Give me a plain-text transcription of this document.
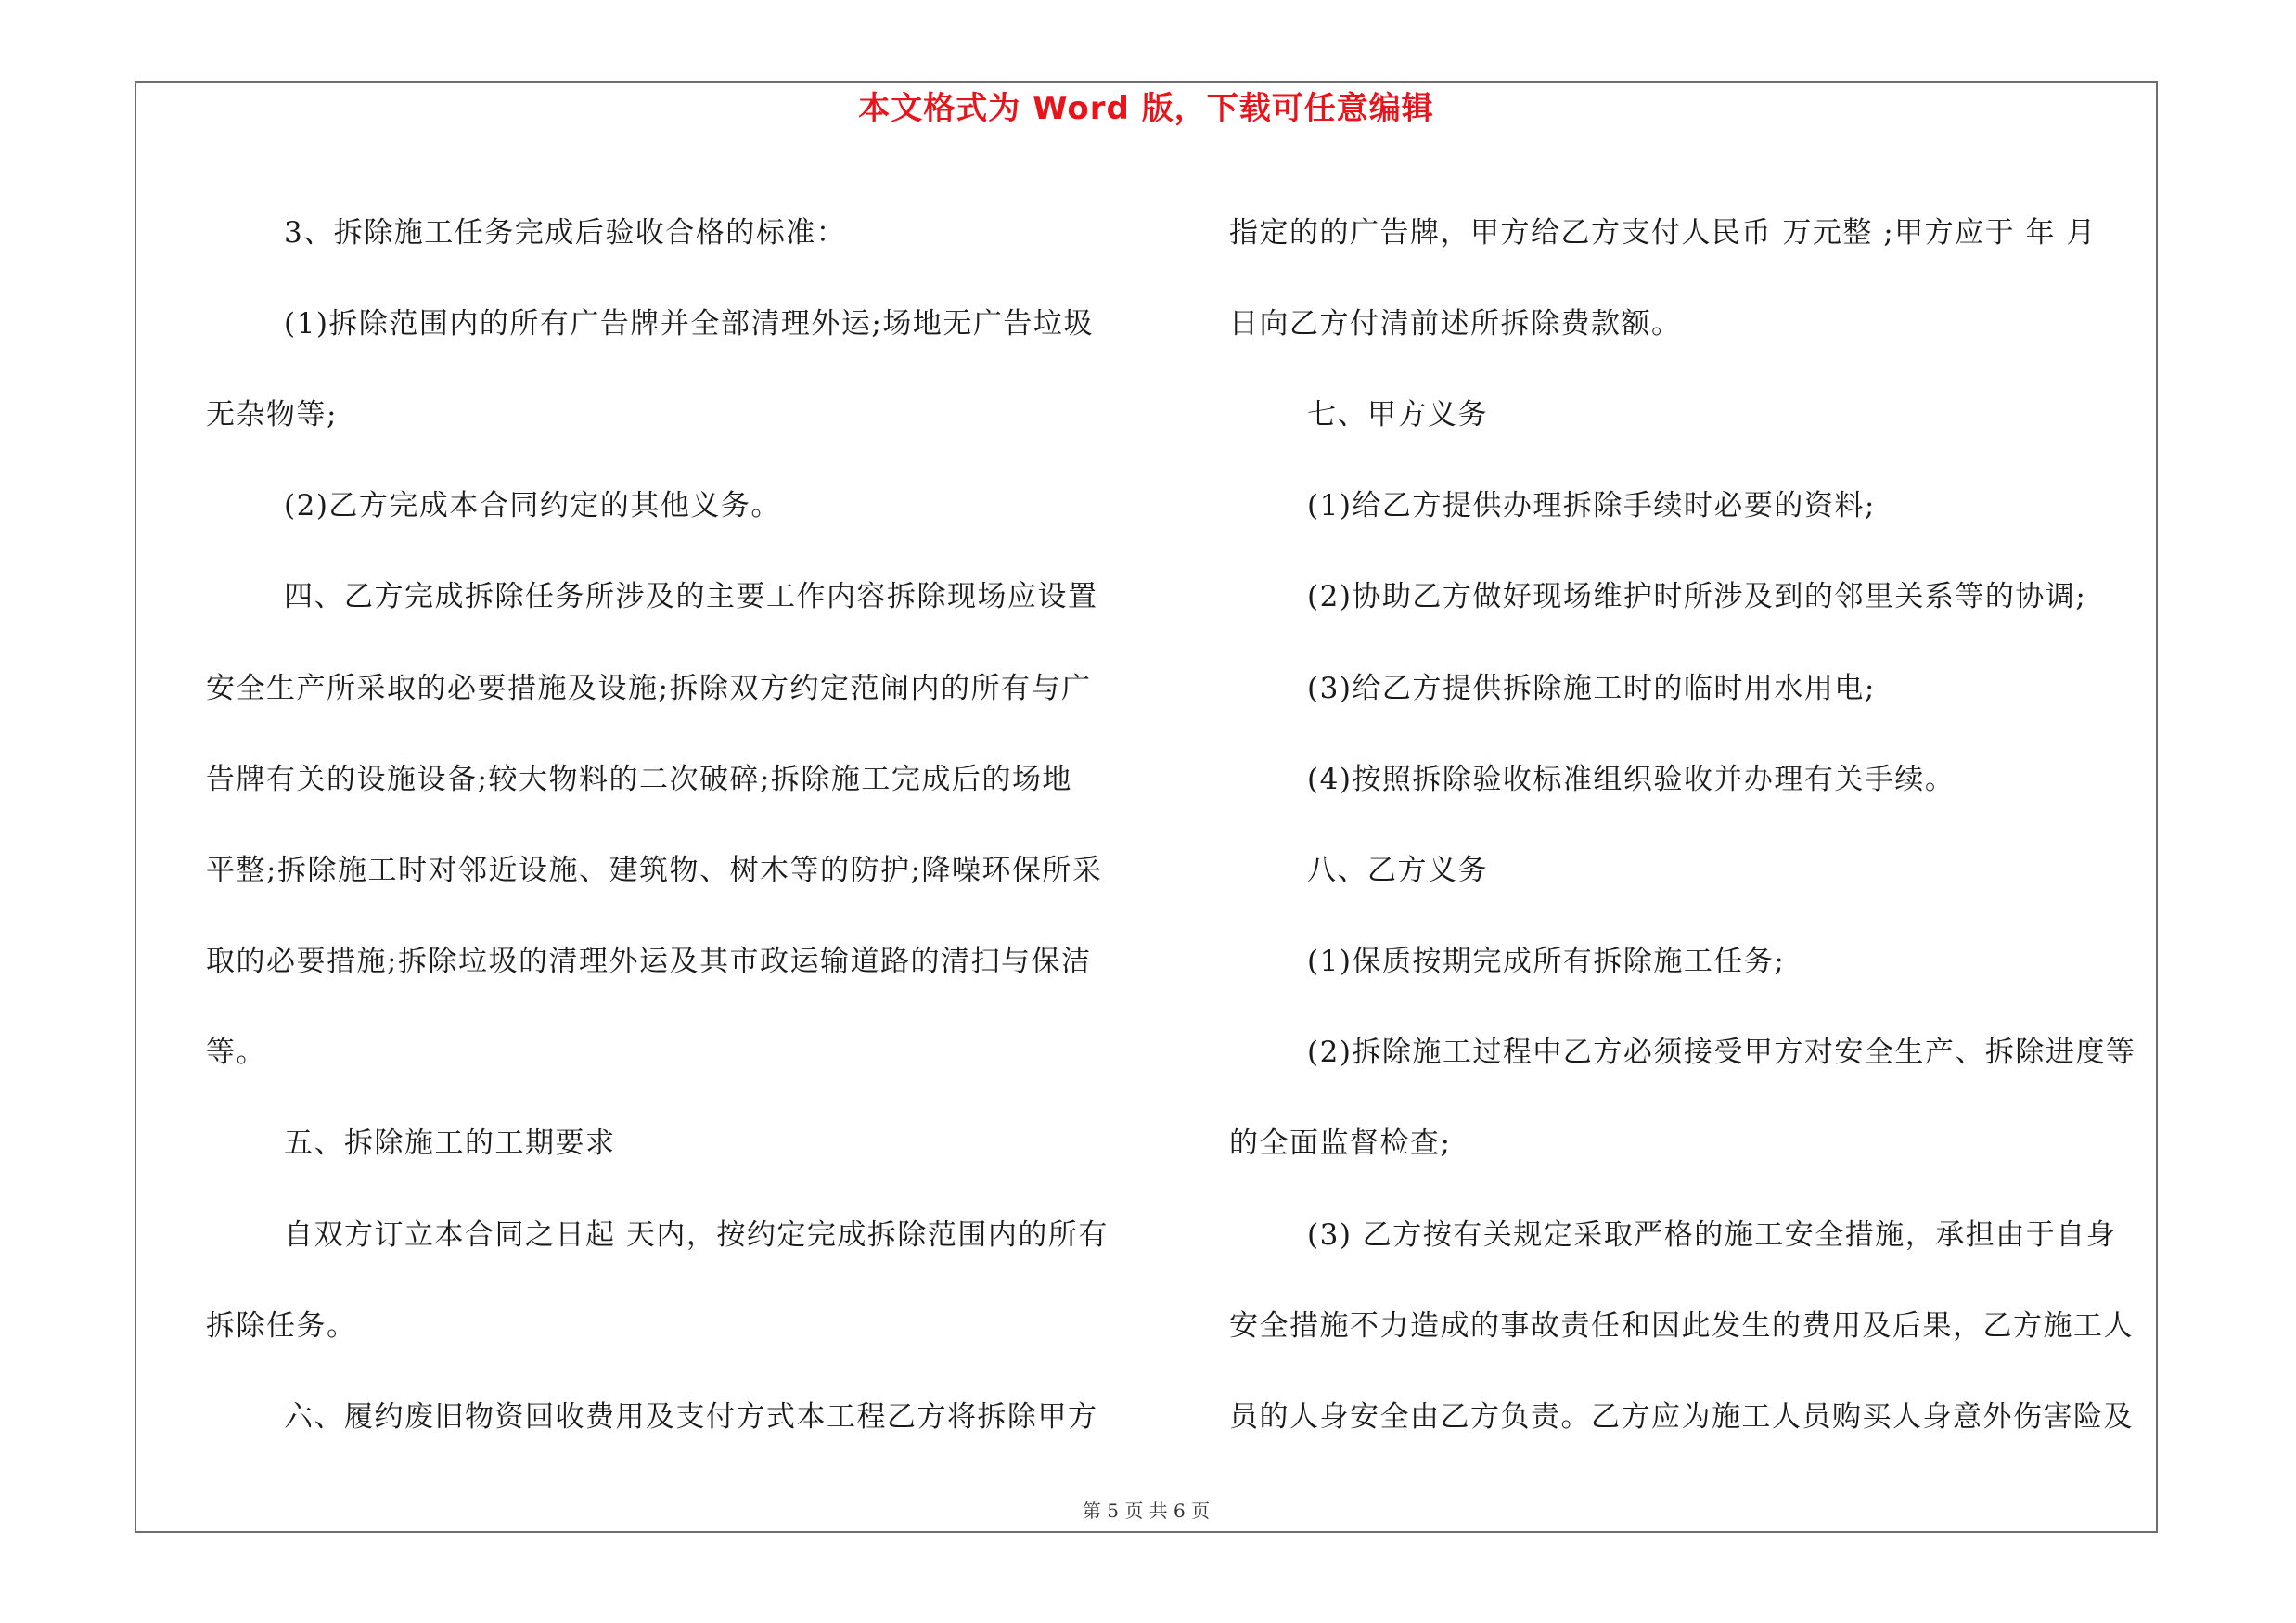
本文格式为 Word 版，下载可任意编辑
3、拆除施工任务完成后验收合格的标准：
(1)拆除范围内的所有广告牌并全部清理外运;场地无广告垃圾
无杂物等;
(2)乙方完成本合同约定的其他义务。
四、乙方完成拆除任务所涉及的主要工作内容拆除现场应设置
安全生产所采取的必要措施及设施;拆除双方约定范闹内的所有与广
告牌有关的设施设备;较大物料的二次破碎;拆除施工完成后的场地
平整;拆除施工时对邻近设施、建筑物、树木等的防护;降噪环保所采
取的必要措施;拆除垃圾的清理外运及其市政运输道路的清扫与保洁
等。
五、拆除施工的工期要求
自双方订立本合同之日起 天内，按约定完成拆除范围内的所有
拆除任务。
六、履约废旧物资回收费用及支付方式本工程乙方将拆除甲方
指定的的广告牌，甲方给乙方支付人民币 万元整 ;甲方应于 年 月
日向乙方付清前述所拆除费款额。
七、甲方义务
(1)给乙方提供办理拆除手续时必要的资料;
(2)协助乙方做好现场维护时所涉及到的邻里关系等的协调;
(3)给乙方提供拆除施工时的临时用水用电;
(4)按照拆除验收标准组织验收并办理有关手续。
八、乙方义务
(1)保质按期完成所有拆除施工任务;
(2)拆除施工过程中乙方必须接受甲方对安全生产、拆除进度等
的全面监督检查;
(3) 乙方按有关规定采取严格的施工安全措施，承担由于自身
安全措施不力造成的事故责任和因此发生的费用及后果，乙方施工人
员的人身安全由乙方负责。乙方应为施工人员购买人身意外伤害险及
第 5 页 共 6 页
